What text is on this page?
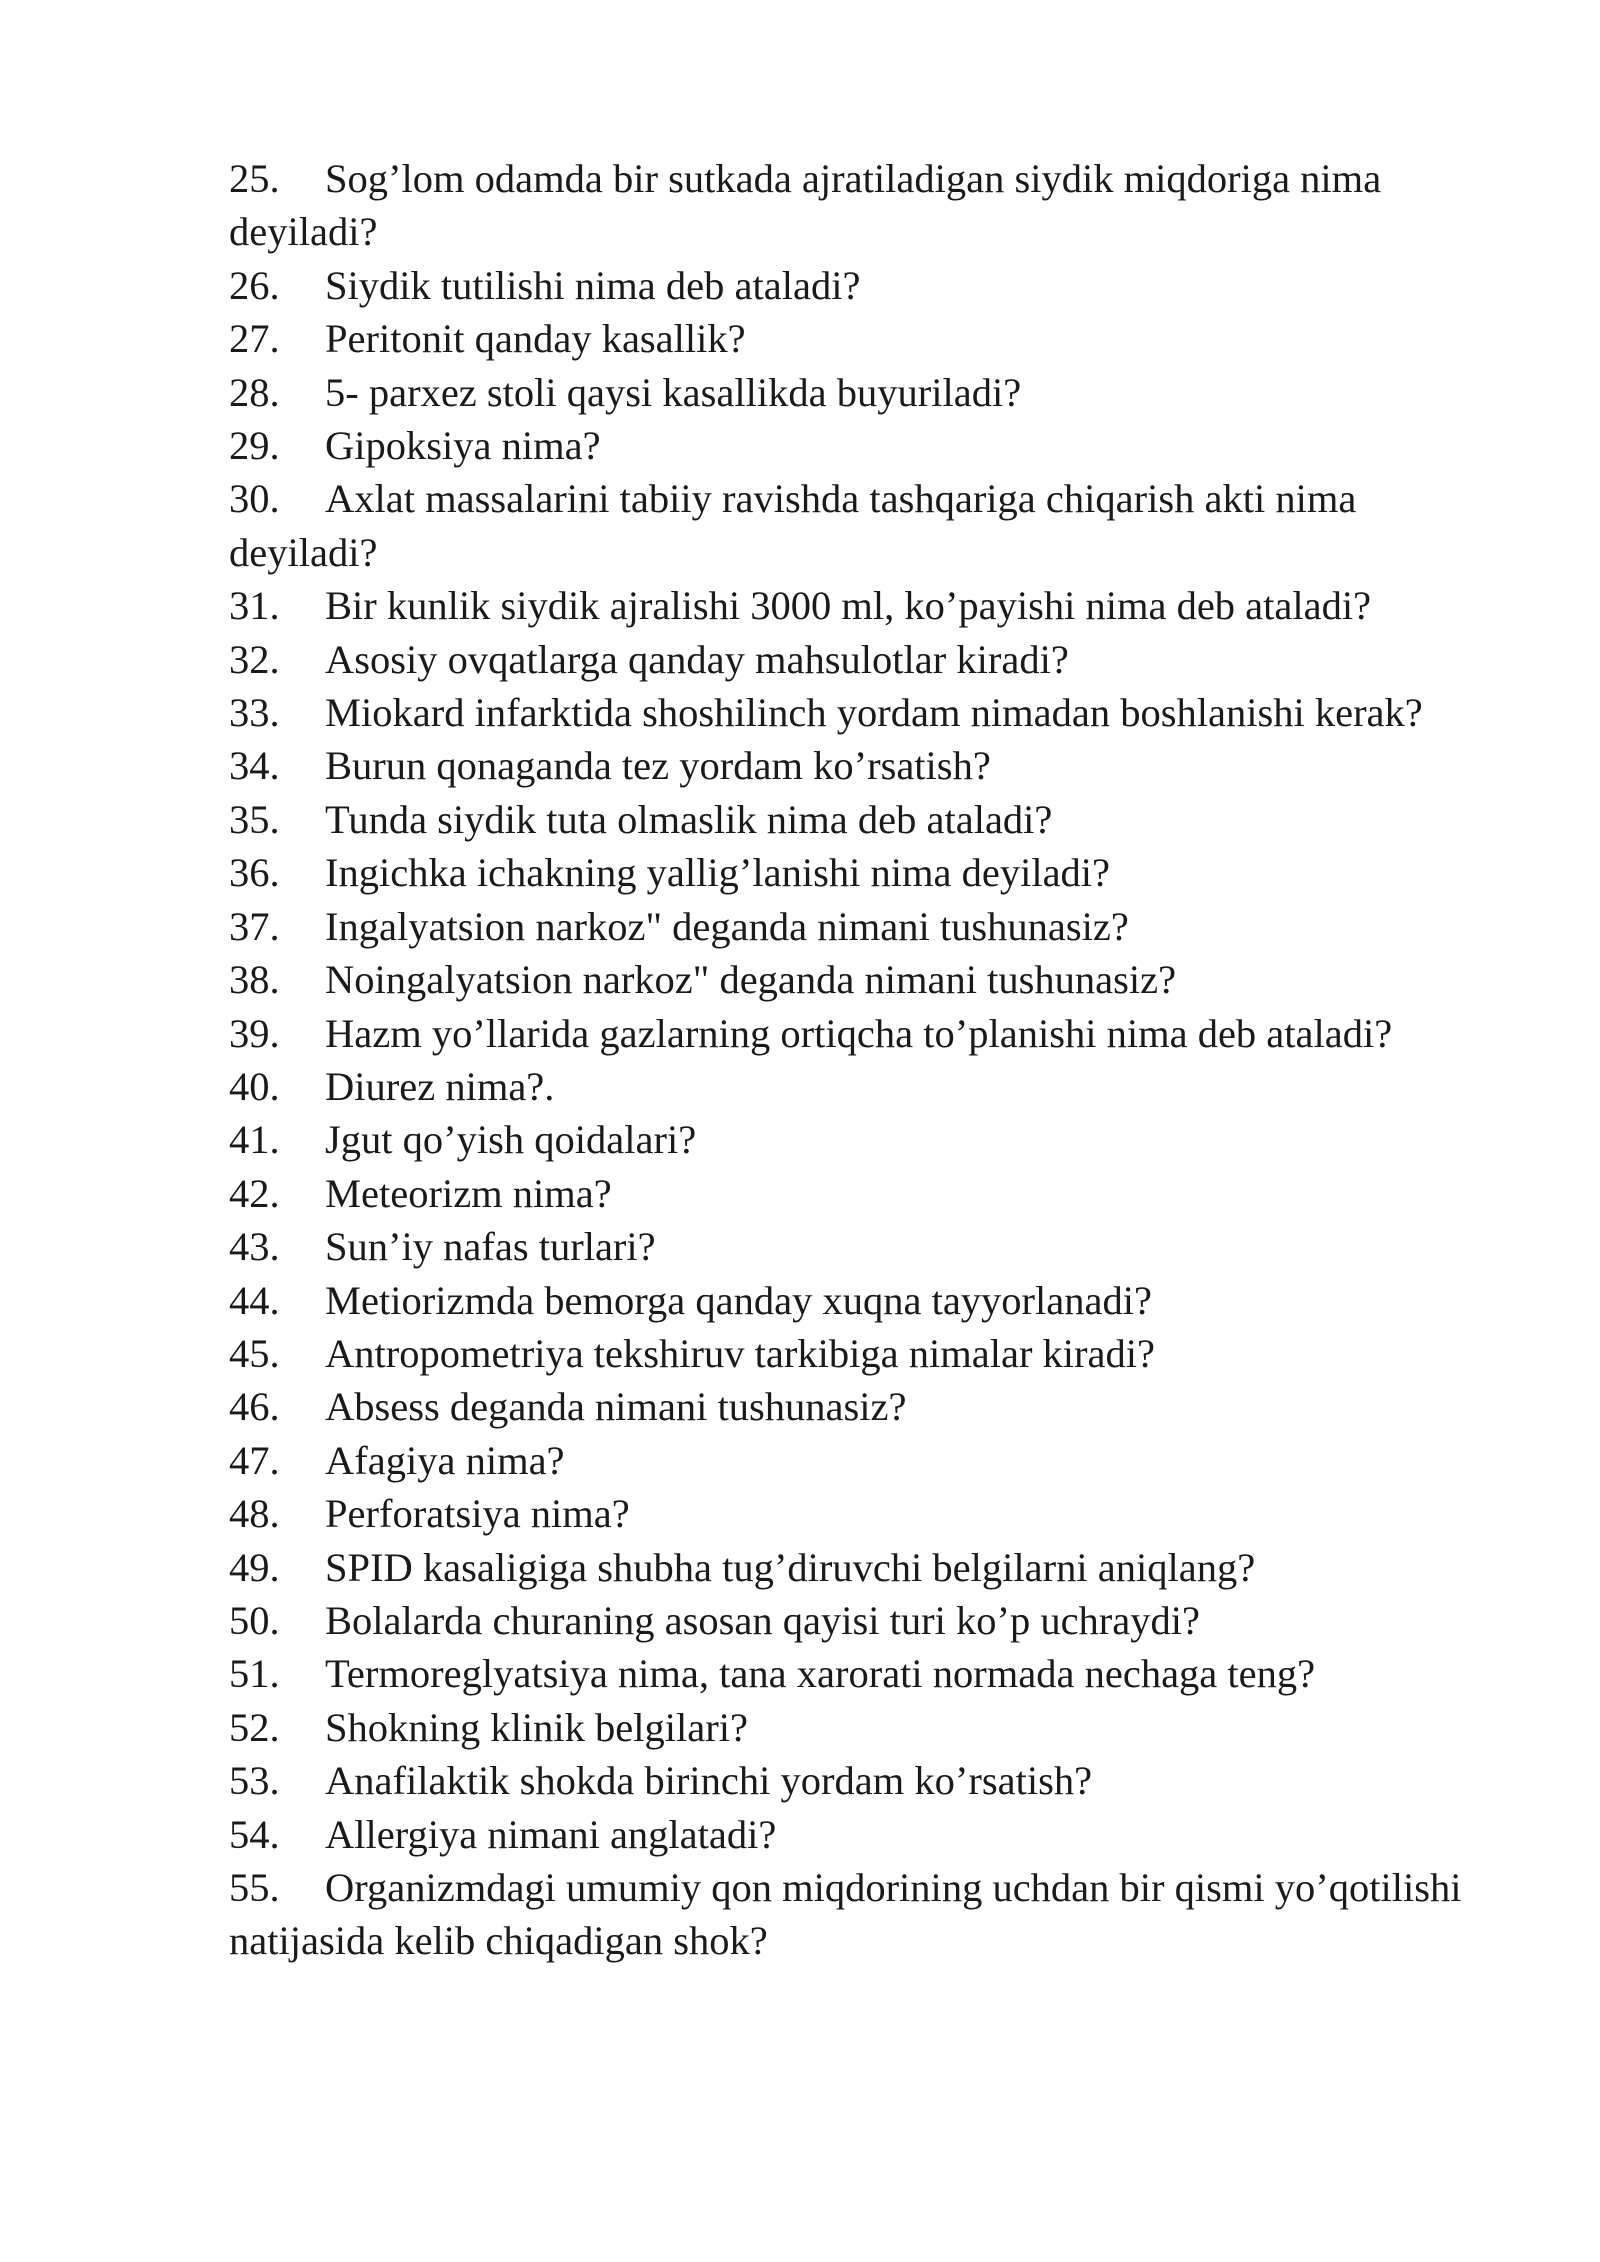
25. Sog’lom odamda bir sutkada ajratiladigan siydik miqdoriga nima deyiladi?
26. Siydik tutilishi nima deb ataladi?
27. Peritonit qanday kasallik?
28. 5- parxez stoli qaysi kasallikda buyuriladi?
29. Gipoksiya nima?
30. Axlat massalarini tabiiy ravishda tashqariga chiqarish akti nima deyiladi?
31. Bir kunlik siydik ajralishi 3000 ml, ko’payishi nima deb ataladi?
32. Asosiy ovqatlarga qanday mahsulotlar kiradi?
33. Miokard infarktida shoshilinch yordam nimadan boshlanishi kerak?
34. Burun qonaganda tez yordam ko’rsatish?
35. Tunda siydik tuta olmaslik nima deb ataladi?
36. Ingichka ichakning yallig’lanishi nima deyiladi?
37. Ingalyatsion narkoz" deganda nimani tushunasiz?
38. Noingalyatsion narkoz" deganda nimani tushunasiz?
39. Hazm yo’llarida gazlarning ortiqcha to’planishi nima deb ataladi?
40. Diurez nima?.
41. Jgut qo’yish qoidalari?
42. Meteorizm nima?
43. Sun’iy nafas turlari?
44. Metiorizmda bemorga qanday xuqna tayyorlanadi?
45. Antropometriya tekshiruv tarkibiga nimalar kiradi?
46. Absess deganda nimani tushunasiz?
47. Afagiya nima?
48. Perforatsiya nima?
49. SPID kasaligiga shubha tug’diruvchi belgilarni aniqlang?
50. Bolalarda churaning asosan qayisi turi ko’p uchraydi?
51. Termoreglyatsiya nima, tana xarorati normada nechaga teng?
52. Shokning klinik belgilari?
53. Anafilaktik shokda birinchi yordam ko’rsatish?
54. Allergiya nimani anglatadi?
55. Organizmdagi umumiy qon miqdorining uchdan bir qismi yo’qotilishi natijasida kelib chiqadigan shok?
